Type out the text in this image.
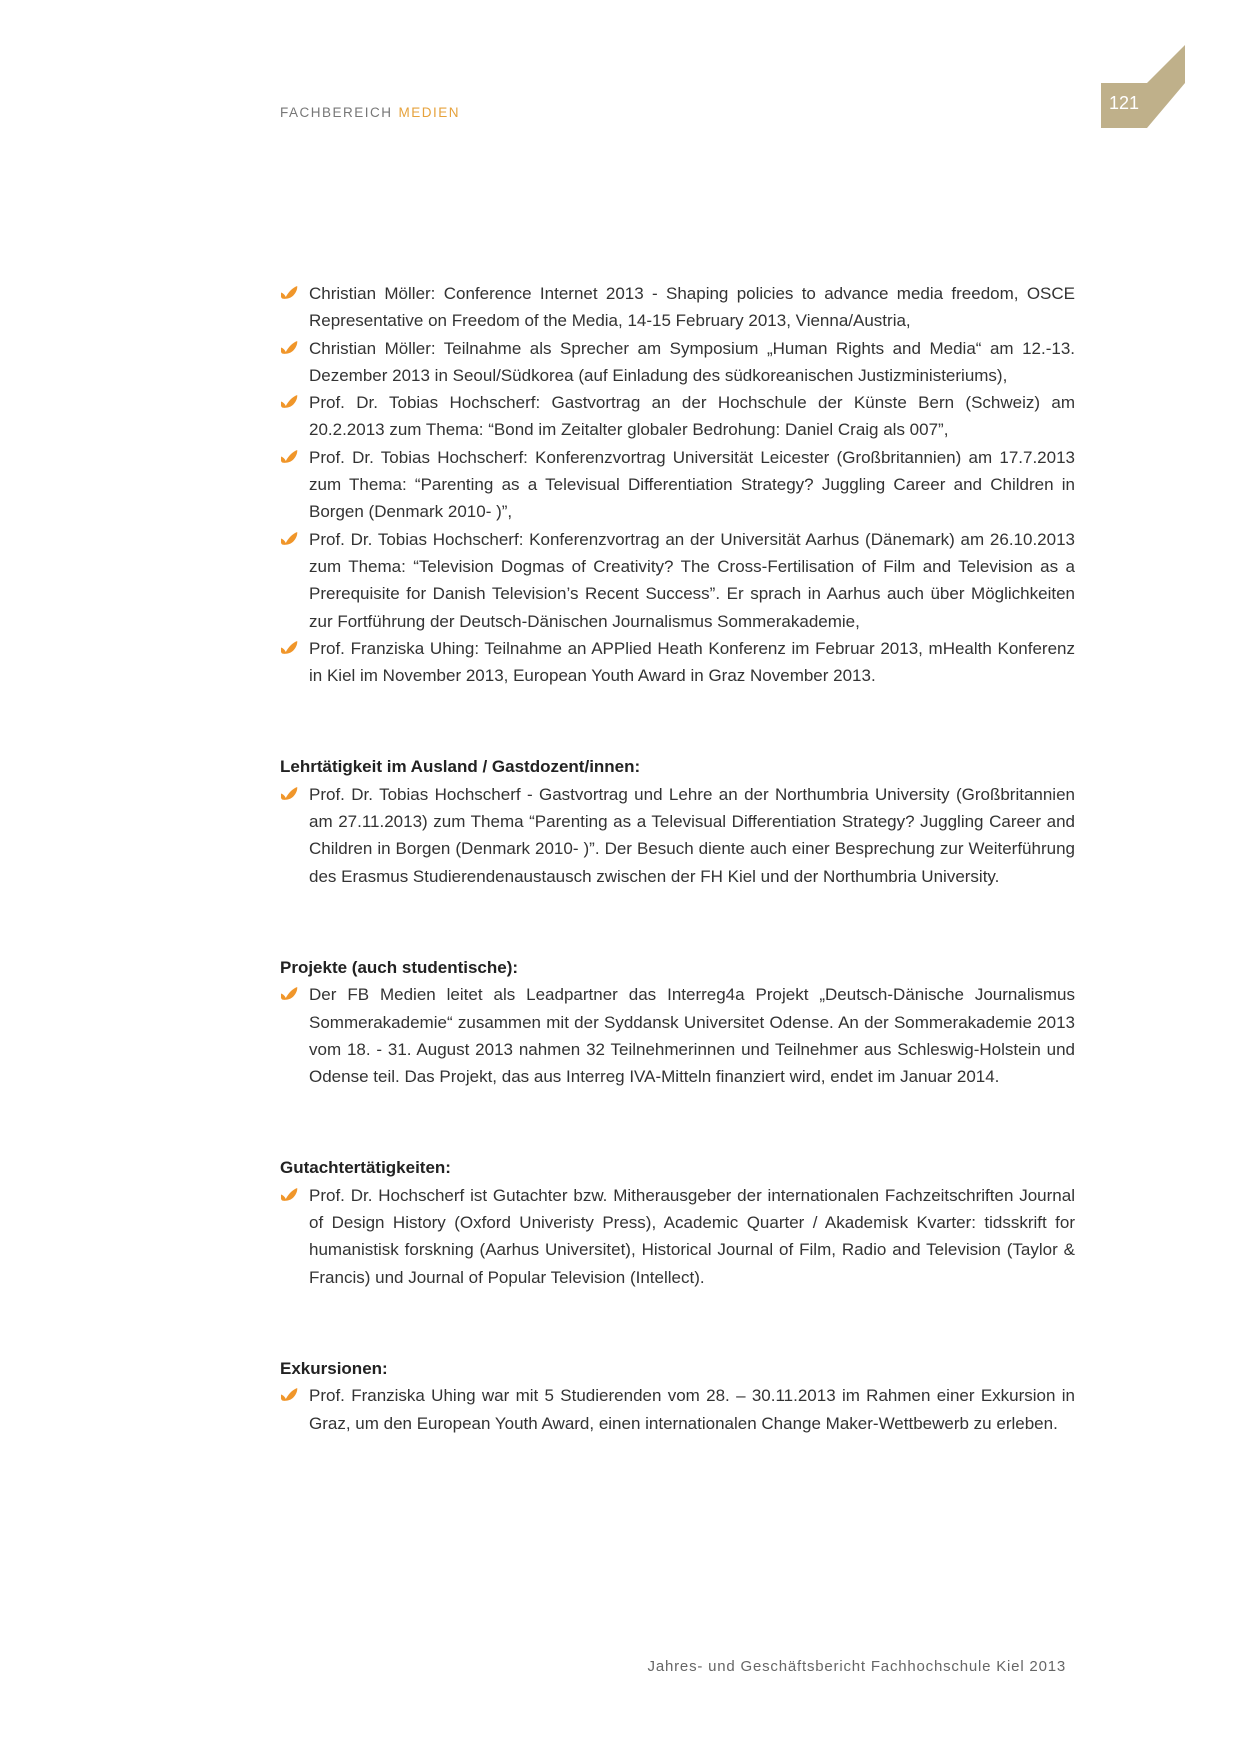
FACHBEREICH MEDIEN	121
Christian Möller: Conference Internet 2013 - Shaping policies to advance media freedom, OSCE Representative on Freedom of the Media, 14-15 February 2013, Vienna/Austria,
Christian Möller: Teilnahme als Sprecher am Symposium „Human Rights and Media“ am 12.-13. Dezember 2013 in Seoul/Südkorea (auf Einladung des südkoreanischen Justizministeriums),
Prof. Dr. Tobias Hochscherf: Gastvortrag an der Hochschule der Künste Bern (Schweiz) am 20.2.2013 zum Thema: “Bond im Zeitalter globaler Bedrohung: Daniel Craig als 007”,
Prof. Dr. Tobias Hochscherf: Konferenzvortrag Universität Leicester (Großbritannien) am 17.7.2013 zum Thema: “Parenting as a Televisual Differentiation Strategy? Juggling Career and Children in Borgen (Denmark 2010- )”,
Prof. Dr. Tobias Hochscherf: Konferenzvortrag an der Universität Aarhus (Dänemark) am 26.10.2013 zum Thema: “Television Dogmas of Creativity? The Cross-Fertilisation of Film and Television as a Prerequisite for Danish Television’s Recent Success”. Er sprach in Aarhus auch über Möglichkeiten zur Fortführung der Deutsch-Dänischen Journalismus Sommerakademie,
Prof. Franziska Uhing: Teilnahme an APPlied Heath Konferenz im Februar 2013, mHealth Konferenz in Kiel im November 2013, European Youth Award in Graz November 2013.
Lehrtätigkeit im Ausland / Gastdozent/innen:
Prof. Dr. Tobias Hochscherf - Gastvortrag und Lehre an der Northumbria University (Großbritannien am 27.11.2013) zum Thema “Parenting as a Televisual Differentiation Strategy? Juggling Career and Children in Borgen (Denmark 2010- )”. Der Besuch diente auch einer Besprechung zur Weiterführung des Erasmus Studierendenaustausch zwischen der FH Kiel und der Northumbria University.
Projekte (auch studentische):
Der FB Medien leitet als Leadpartner das Interreg4a Projekt „Deutsch-Dänische Journalismus Sommerakademie“ zusammen mit der Syddansk Universitet Odense. An der Sommerakademie 2013 vom 18. - 31. August 2013 nahmen 32 Teilnehmerinnen und Teilnehmer aus Schleswig-Holstein und Odense teil. Das Projekt, das aus Interreg IVA-Mitteln finanziert wird, endet im Januar 2014.
Gutachtertätigkeiten:
Prof. Dr. Hochscherf ist Gutachter bzw. Mitherausgeber der internationalen Fachzeitschriften Journal of Design History (Oxford Univeristy Press), Academic Quarter / Akademisk Kvarter: tidsskrift for humanistisk forskning (Aarhus Universitet), Historical Journal of Film, Radio and Television (Taylor & Francis) und Journal of Popular Television (Intellect).
Exkursionen:
Prof. Franziska Uhing war mit 5 Studierenden vom 28. – 30.11.2013 im Rahmen einer Exkursion in Graz, um den European Youth Award, einen internationalen Change Maker-Wettbewerb zu erleben.
Jahres- und Geschäftsbericht Fachhochschule Kiel 2013
